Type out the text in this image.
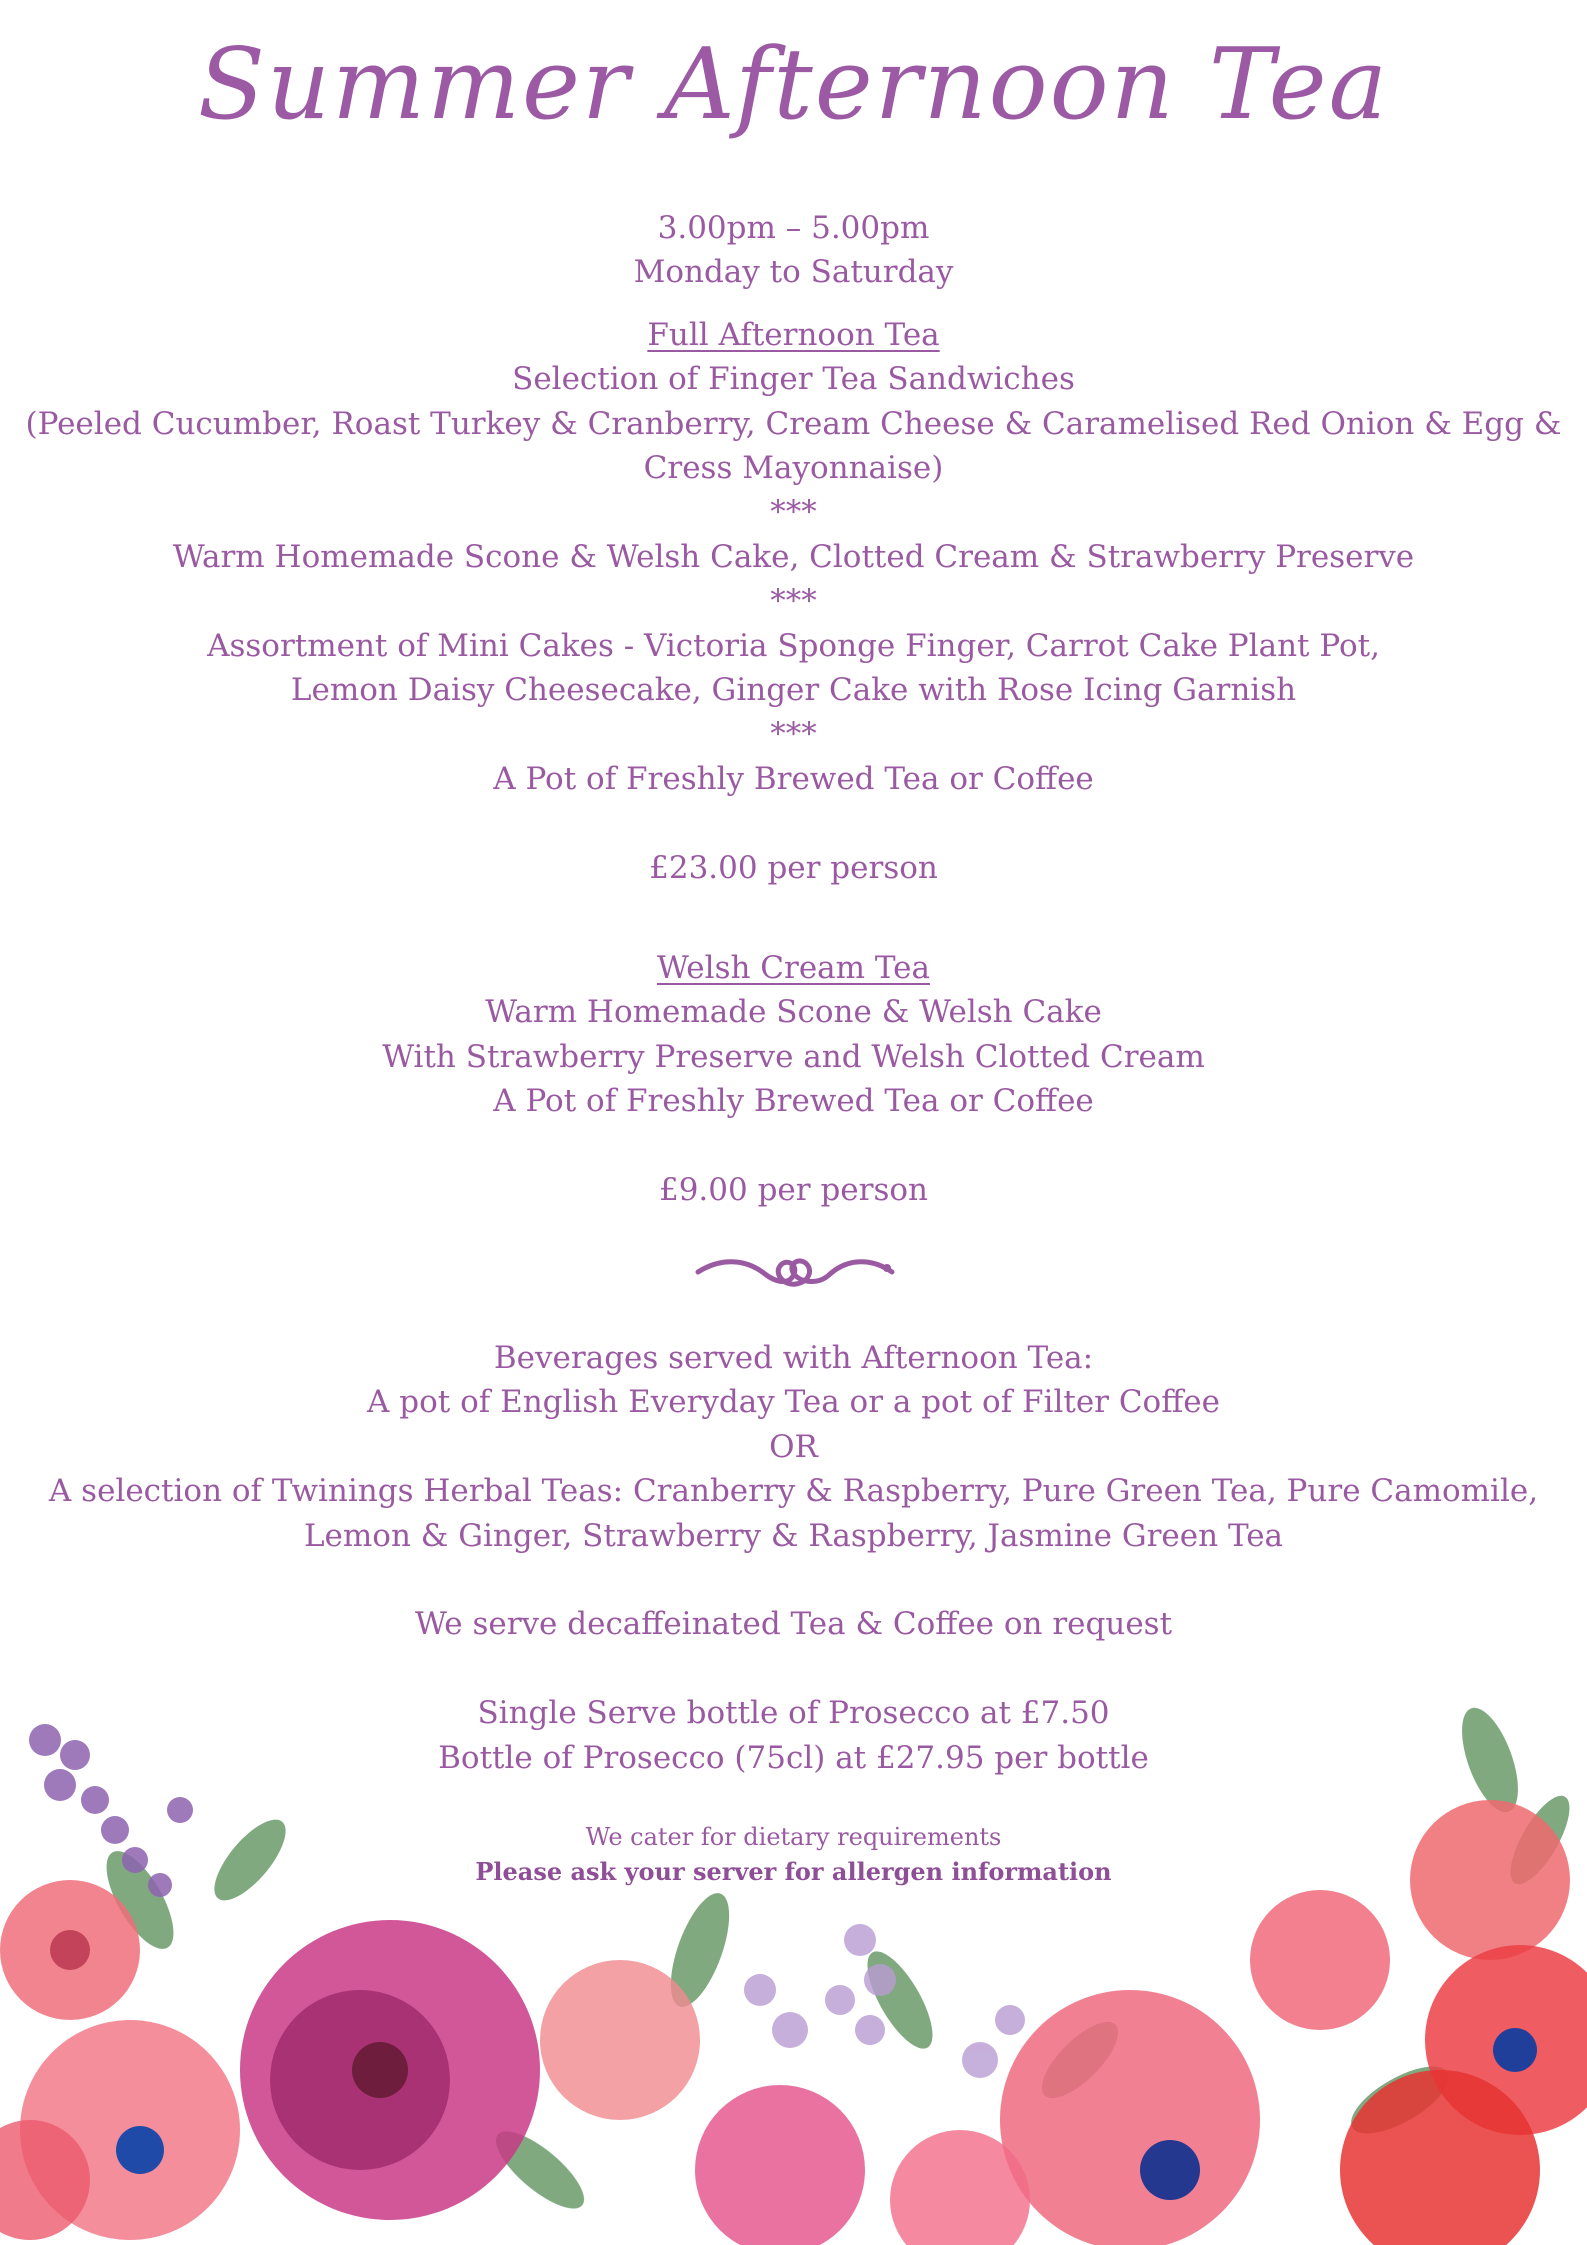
Summer Afternoon Tea
3.00pm – 5.00pm
Monday to Saturday
Full Afternoon Tea
Selection of Finger Tea Sandwiches
(Peeled Cucumber, Roast Turkey & Cranberry, Cream Cheese & Caramelised Red Onion & Egg &
Cress Mayonnaise)
***
Warm Homemade Scone & Welsh Cake, Clotted Cream & Strawberry Preserve
***
Assortment of Mini Cakes - Victoria Sponge Finger, Carrot Cake Plant Pot,
Lemon Daisy Cheesecake, Ginger Cake with Rose Icing Garnish
***
A Pot of Freshly Brewed Tea or Coffee
£23.00 per person
Welsh Cream Tea
Warm Homemade Scone & Welsh Cake
With Strawberry Preserve and Welsh Clotted Cream
A Pot of Freshly Brewed Tea or Coffee
£9.00 per person
Beverages served with Afternoon Tea:
A pot of English Everyday Tea or a pot of Filter Coffee
OR
A selection of Twinings Herbal Teas: Cranberry & Raspberry, Pure Green Tea, Pure Camomile,
Lemon & Ginger, Strawberry & Raspberry, Jasmine Green Tea
We serve decaffeinated Tea & Coffee on request
Single Serve bottle of Prosecco at £7.50
Bottle of Prosecco (75cl) at £27.95 per bottle
We cater for dietary requirements
Please ask your server for allergen information
